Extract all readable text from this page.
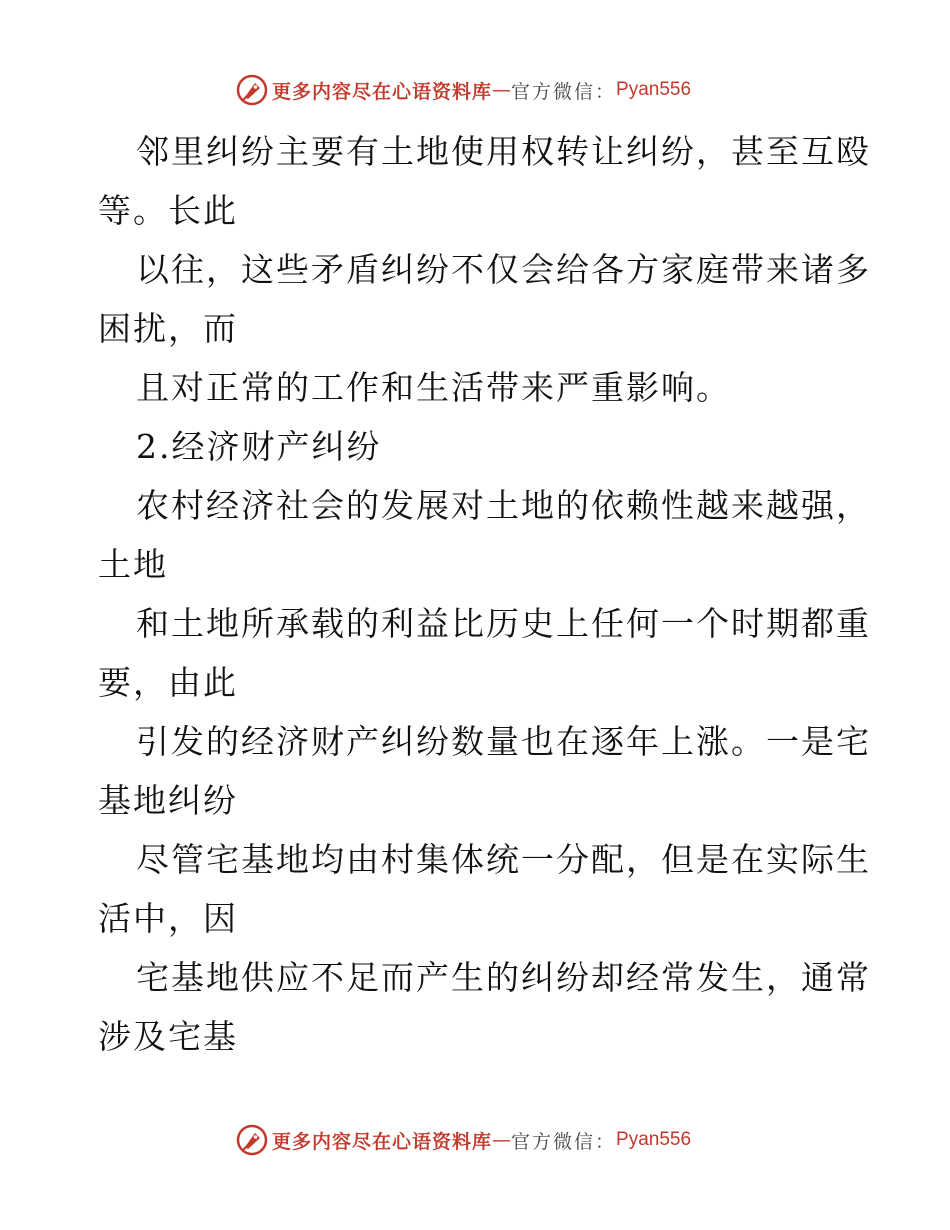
更多内容尽在心语资料库 — 官方微信： Pyan556
邻里纠纷主要有土地使用权转让纠纷，甚至互殴
等。长此
以往，这些矛盾纠纷不仅会给各方家庭带来诸多
困扰，而
且对正常的工作和生活带来严重影响。
2.经济财产纠纷
农村经济社会的发展对土地的依赖性越来越强，
土地
和土地所承载的利益比历史上任何一个时期都重
要，由此
引发的经济财产纠纷数量也在逐年上涨。一是宅
基地纠纷
尽管宅基地均由村集体统一分配，但是在实际生
活中，因
宅基地供应不足而产生的纠纷却经常发生，通常
涉及宅基
更多内容尽在心语资料库 — 官方微信： Pyan556
